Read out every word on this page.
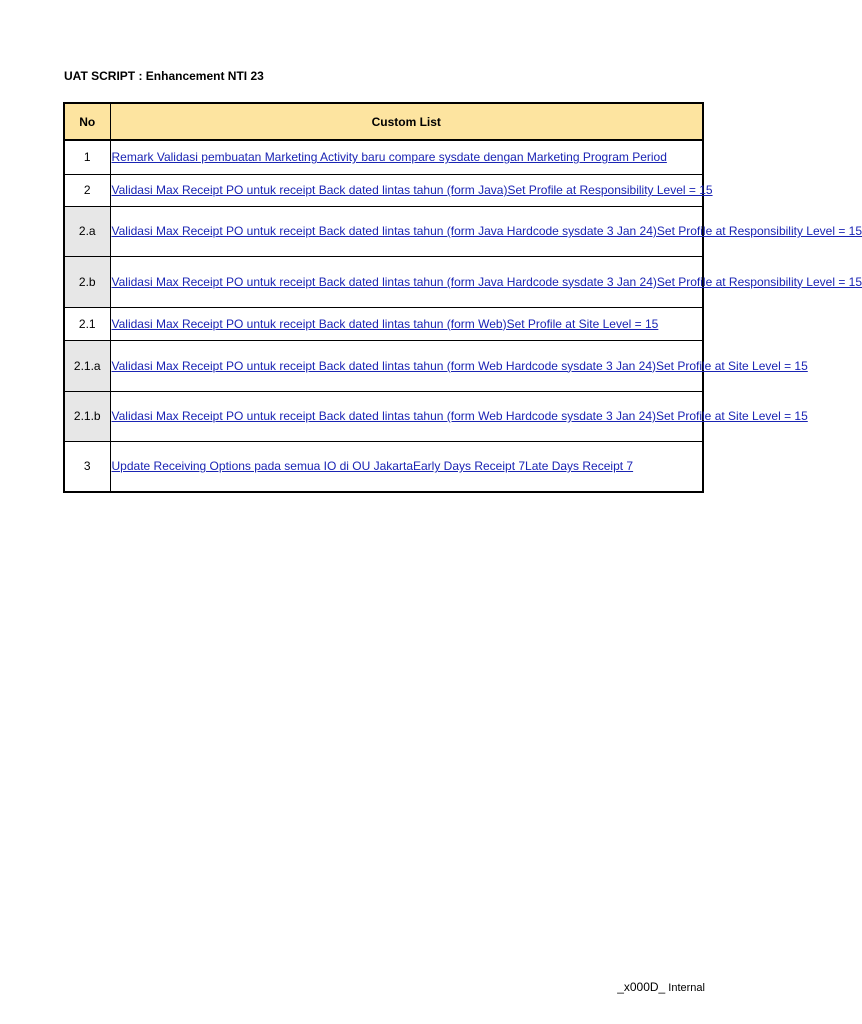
UAT SCRIPT : Enhancement NTI 23
No	Custom List
1	Remark Validasi pembuatan Marketing Activity baru compare sysdate dengan Marketing Program Period
2	Validasi Max Receipt PO untuk receipt Back dated lintas tahun (form Java)Set Profile at Responsibility Level = 15
2.a	Validasi Max Receipt PO untuk receipt Back dated lintas tahun (form Java Hardcode sysdate 3 Jan 24)Set Profile at Responsibility Level = 15
2.b	Validasi Max Receipt PO untuk receipt Back dated lintas tahun (form Java Hardcode sysdate 3 Jan 24)Set Profile at Responsibility Level = 15
2.1	Validasi Max Receipt PO untuk receipt Back dated lintas tahun (form Web)Set Profile at Site Level = 15
2.1.a	Validasi Max Receipt PO untuk receipt Back dated lintas tahun (form Web Hardcode sysdate 3 Jan 24)Set Profile at Site Level = 15
2.1.b	Validasi Max Receipt PO untuk receipt Back dated lintas tahun (form Web Hardcode sysdate 3 Jan 24)Set Profile at Site Level = 15
3	Update Receiving Options pada semua IO di OU JakartaEarly Days Receipt 7Late Days Receipt 7
_x000D_ Internal
